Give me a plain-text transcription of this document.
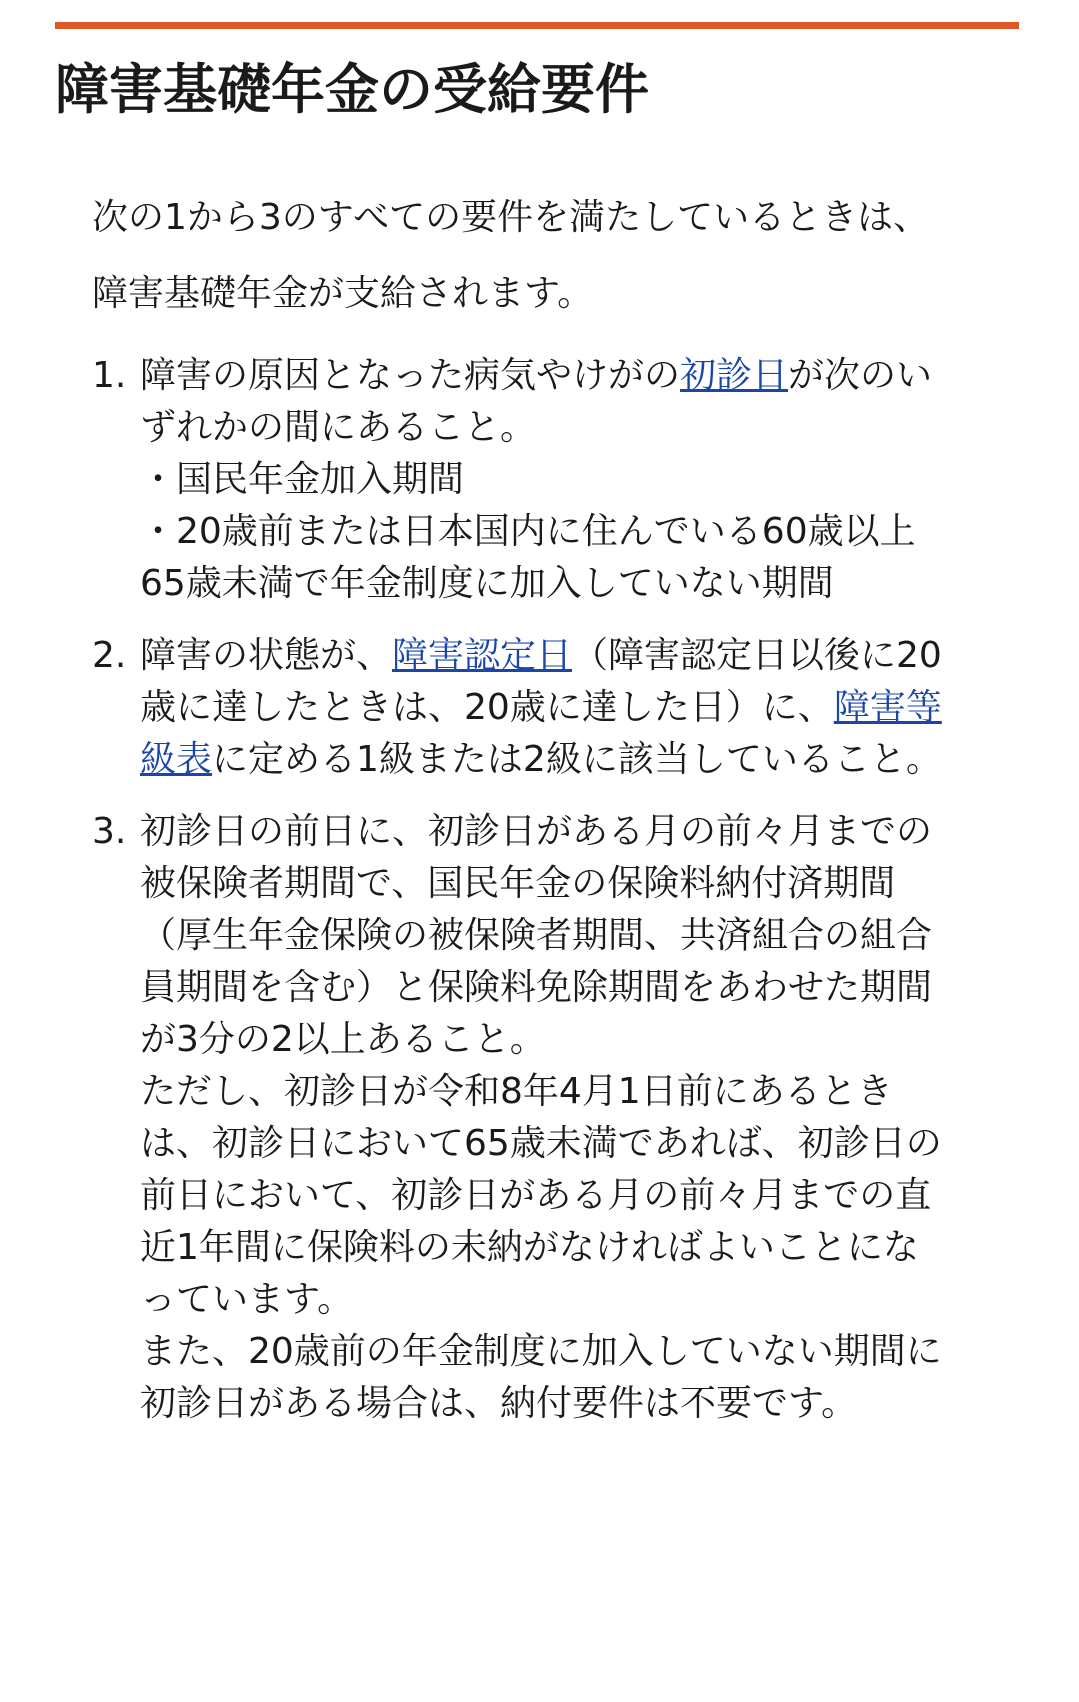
障害基礎年金の受給要件

次の1から3のすべての要件を満たしているときは、障害基礎年金が支給されます。

1. 障害の原因となった病気やけがの初診日が次のいずれかの間にあること。

・国民年金加入期間

・20歳前または日本国内に住んでいる60歳以上65歳未満で年金制度に加入していない期間

2. 障害の状態が、障害認定日（障害認定日以後に20歳に達したときは、20歳に達した日）に、障害等級表に定める1級または2級に該当していること。

3. 初診日の前日に、初診日がある月の前々月までの被保険者期間で、国民年金の保険料納付済期間（厚生年金保険の被保険者期間、共済組合の組合員期間を含む）と保険料免除期間をあわせた期間が3分の2以上あること。

ただし、初診日が令和8年4月1日前にあるときは、初診日において65歳未満であれば、初診日の前日において、初診日がある月の前々月までの直近1年間に保険料の未納がなければよいことになっています。

また、20歳前の年金制度に加入していない期間に初診日がある場合は、納付要件は不要です。
